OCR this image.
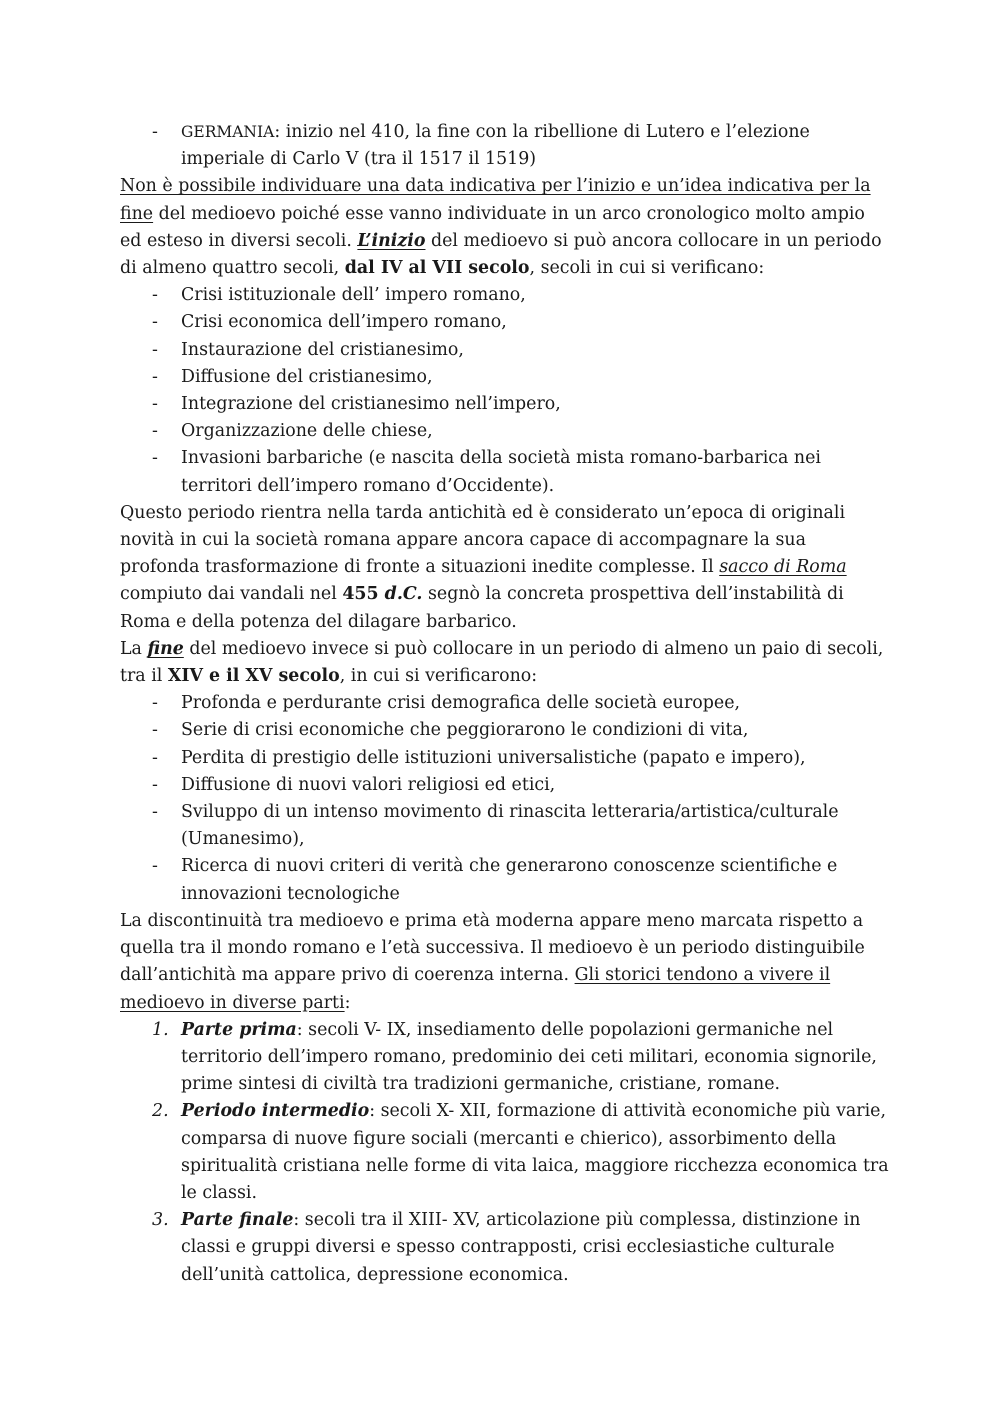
- GERMANIA: inizio nel 410, la fine con la ribellione di Lutero e l’elezione imperiale di Carlo V (tra il 1517 il 1519)

Non è possibile individuare una data indicativa per l’inizio e un’idea indicativa per la fine del medioevo poiché esse vanno individuate in un arco cronologico molto ampio ed esteso in diversi secoli. L’inizio del medioevo si può ancora collocare in un periodo di almeno quattro secoli, dal IV al VII secolo, secoli in cui si verificano:

- Crisi istituzionale dell’ impero romano,
- Crisi economica dell’impero romano,
- Instaurazione del cristianesimo,
- Diffusione del cristianesimo,
- Integrazione del cristianesimo nell’impero,
- Organizzazione delle chiese,
- Invasioni barbariche (e nascita della società mista romano-barbarica nei territori dell’impero romano d’Occidente).

Questo periodo rientra nella tarda antichità ed è considerato un’epoca di originali novità in cui la società romana appare ancora capace di accompagnare la sua profonda trasformazione di fronte a situazioni inedite complesse. Il sacco di Roma compiuto dai vandali nel 455 d.C. segnò la concreta prospettiva dell’instabilità di Roma e della potenza del dilagare barbarico.

La fine del medioevo invece si può collocare in un periodo di almeno un paio di secoli, tra il XIV e il XV secolo, in cui si verificarono:

- Profonda e perdurante crisi demografica delle società europee,
- Serie di crisi economiche che peggiorarono le condizioni di vita,
- Perdita di prestigio delle istituzioni universalistiche (papato e impero),
- Diffusione di nuovi valori religiosi ed etici,
- Sviluppo di un intenso movimento di rinascita letteraria/artistica/culturale (Umanesimo),
- Ricerca di nuovi criteri di verità che generarono conoscenze scientifiche e innovazioni tecnologiche

La discontinuità tra medioevo e prima età moderna appare meno marcata rispetto a quella tra il mondo romano e l’età successiva. Il medioevo è un periodo distinguibile dall’antichità ma appare privo di coerenza interna. Gli storici tendono a vivere il medioevo in diverse parti:

1. Parte prima: secoli V- IX, insediamento delle popolazioni germaniche nel territorio dell’impero romano, predominio dei ceti militari, economia signorile, prime sintesi di civiltà tra tradizioni germaniche, cristiane, romane.
2. Periodo intermedio: secoli X- XII, formazione di attività economiche più varie, comparsa di nuove figure sociali (mercanti e chierico), assorbimento della spiritualità cristiana nelle forme di vita laica, maggiore ricchezza economica tra le classi.
3. Parte finale: secoli tra il XIII- XV, articolazione più complessa, distinzione in classi e gruppi diversi e spesso contrapposti, crisi ecclesiastiche culturale dell’unità cattolica, depressione economica.
